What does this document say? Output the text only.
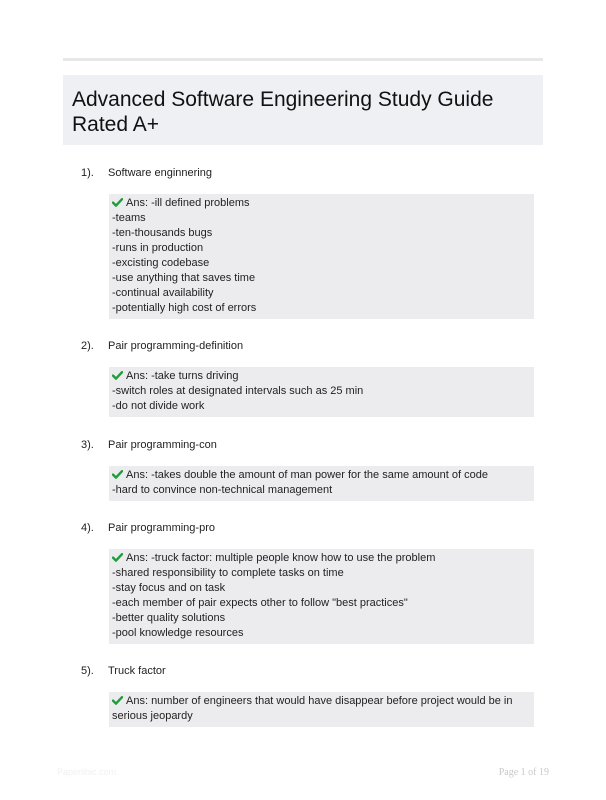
Advanced Software Engineering Study Guide Rated A+
1).	Software enginnering
Ans: -ill defined problems
-teams
-ten-thousands bugs
-runs in production
-excisting codebase
-use anything that saves time
-continual availability
-potentially high cost of errors
2).	Pair programming-definition
Ans: -take turns driving
-switch roles at designated intervals such as 25 min
-do not divide work
3).	Pair programming-con
Ans: -takes double the amount of man power for the same amount of code
-hard to convince non-technical management
4).	Pair programming-pro
Ans: -truck factor: multiple people know how to use the problem
-shared responsibility to complete tasks on time
-stay focus and on task
-each member of pair expects other to follow "best practices"
-better quality solutions
-pool knowledge resources
5).	Truck factor
Ans: number of engineers that would have disappear before project would be in serious jeopardy
Paperlibic.com	Page 1 of 19
